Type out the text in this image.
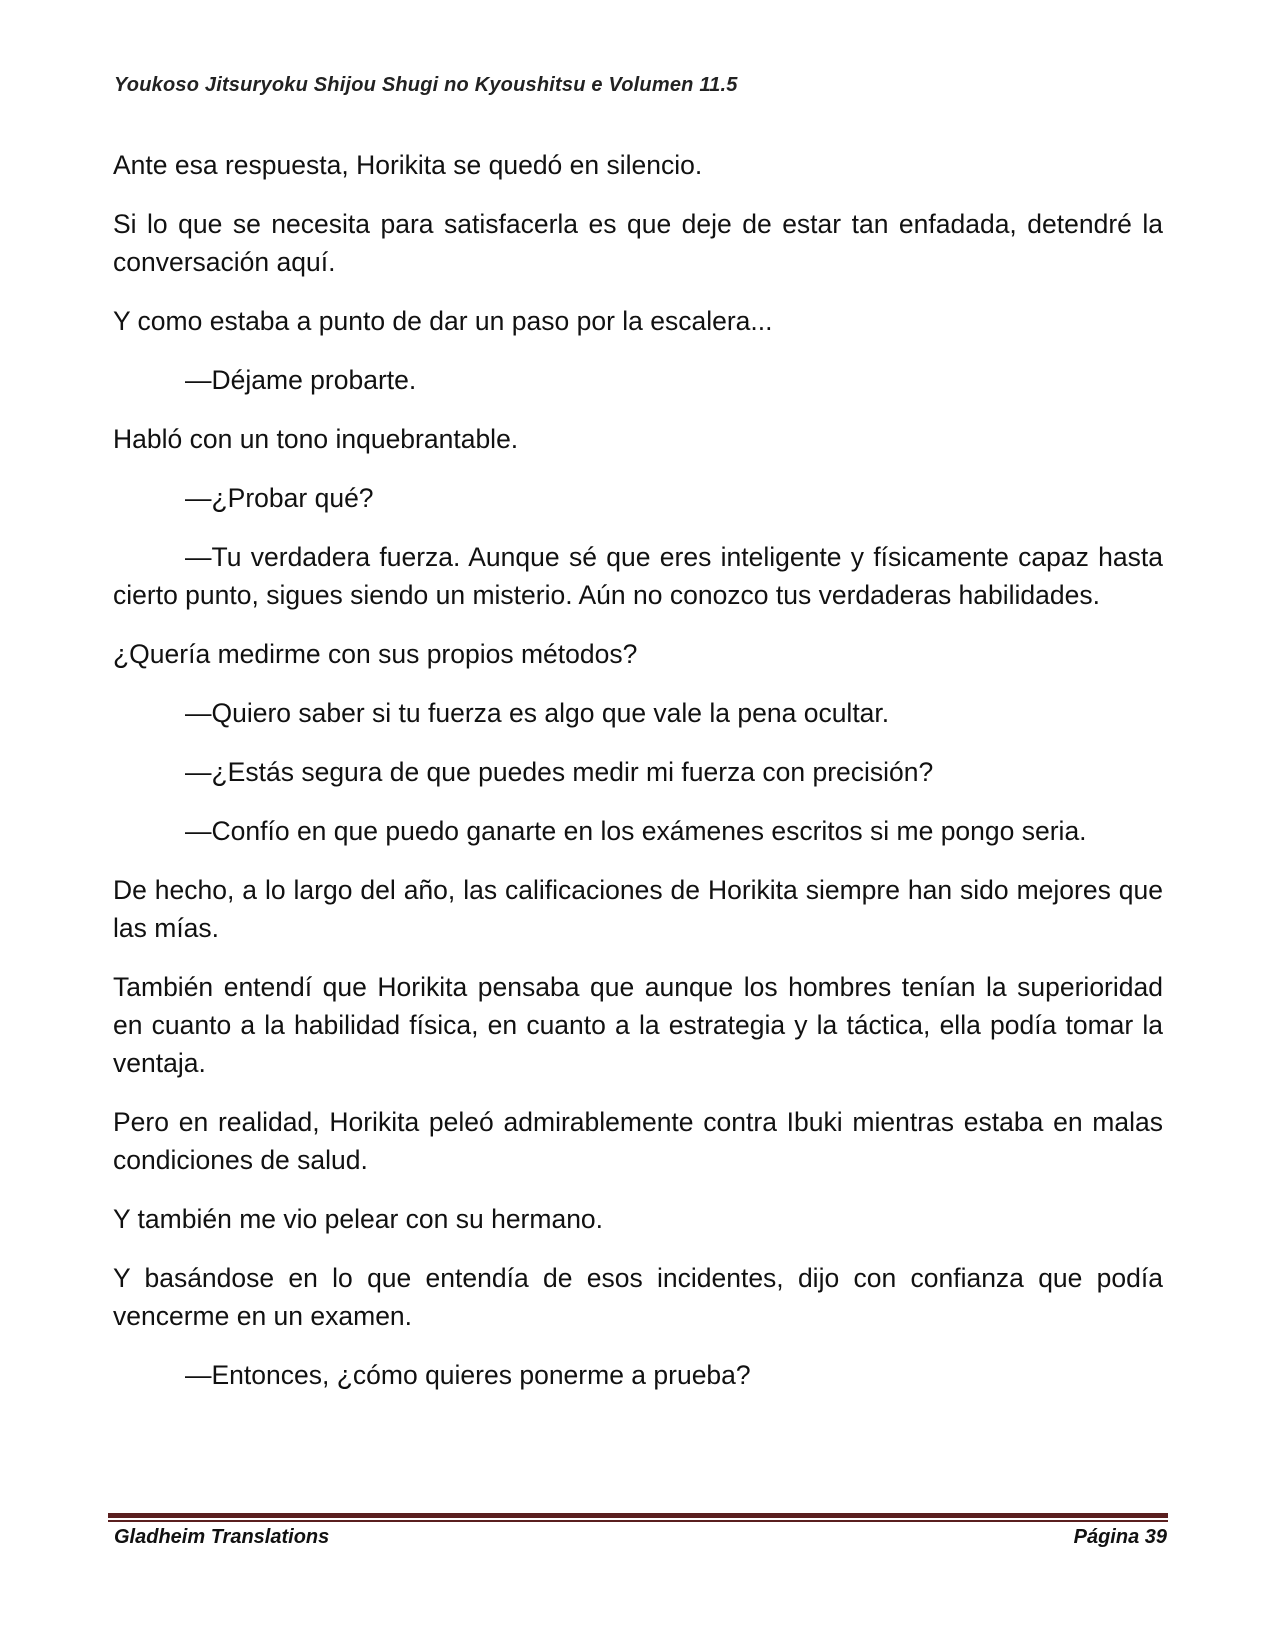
Youkoso Jitsuryoku Shijou Shugi no Kyoushitsu e Volumen 11.5

Ante esa respuesta, Horikita se quedó en silencio.

Si lo que se necesita para satisfacerla es que deje de estar tan enfadada, detendré la conversación aquí.

Y como estaba a punto de dar un paso por la escalera...

—Déjame probarte.

Habló con un tono inquebrantable.

—¿Probar qué?

—Tu verdadera fuerza. Aunque sé que eres inteligente y físicamente capaz hasta cierto punto, sigues siendo un misterio. Aún no conozco tus verdaderas habilidades.

¿Quería medirme con sus propios métodos?

—Quiero saber si tu fuerza es algo que vale la pena ocultar.

—¿Estás segura de que puedes medir mi fuerza con precisión?

—Confío en que puedo ganarte en los exámenes escritos si me pongo seria.

De hecho, a lo largo del año, las calificaciones de Horikita siempre han sido mejores que las mías.

También entendí que Horikita pensaba que aunque los hombres tenían la superioridad en cuanto a la habilidad física, en cuanto a la estrategia y la táctica, ella podía tomar la ventaja.

Pero en realidad, Horikita peleó admirablemente contra Ibuki mientras estaba en malas condiciones de salud.

Y también me vio pelear con su hermano.

Y basándose en lo que entendía de esos incidentes, dijo con confianza que podía vencerme en un examen.

—Entonces, ¿cómo quieres ponerme a prueba?

Gladheim Translations	Página 39
